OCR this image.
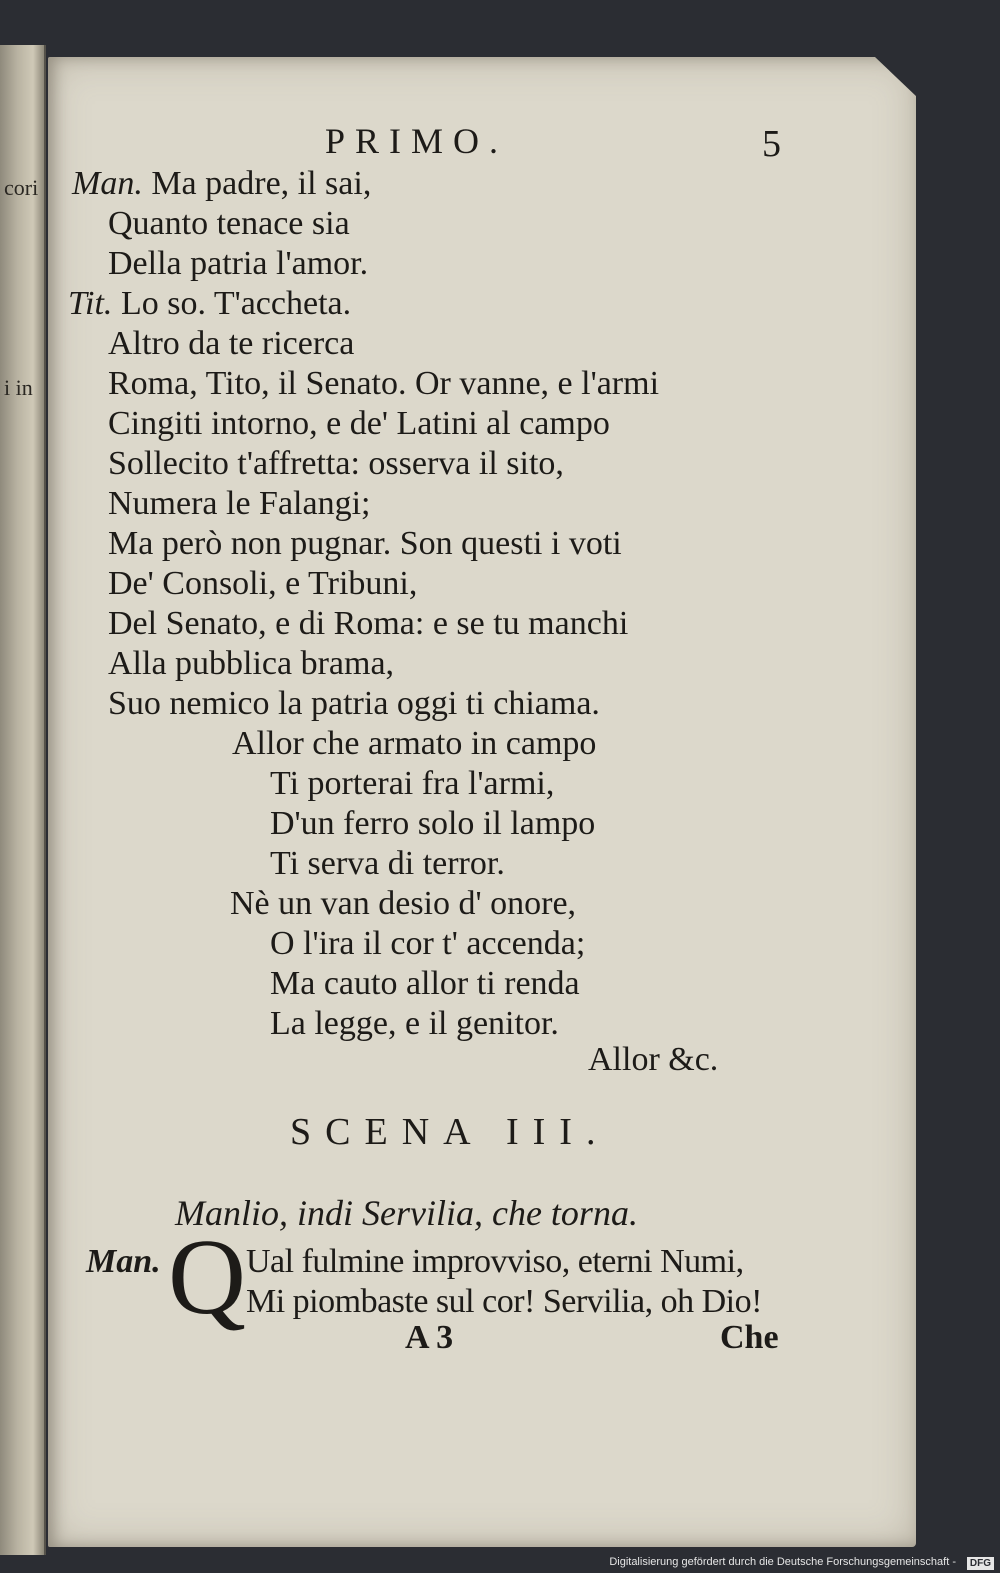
cori
i in
PRIMO.	5
Man. Ma padre, il sai,
Quanto tenace sia
Della patria l'amor.
Tit. Lo so. T'accheta.
Altro da te ricerca
Roma, Tito, il Senato. Or vanne, e l'armi
Cingiti intorno, e de' Latini al campo
Sollecito t'affretta: osserva il sito,
Numera le Falangi;
Ma però non pugnar. Son questi i voti
De' Consoli, e Tribuni,
Del Senato, e di Roma: e se tu manchi
Alla pubblica brama,
Suo nemico la patria oggi ti chiama.
Allor che armato in campo
Ti porterai fra l'armi,
D'un ferro solo il lampo
Ti serva di terror.
Nè un van desio d' onore,
O l'ira il cor t' accenda;
Ma cauto allor ti renda
La legge, e il genitor.
Allor &c.
SCENA III.
Manlio, indi Servilia, che torna.
Man. Q Ual fulmine improvviso, eterni Numi,
Mi piombaste sul cor! Servilia, oh Dio!
A 3	Che
Digitalisierung gefördert durch die Deutsche Forschungsgemeinschaft -	DFG
